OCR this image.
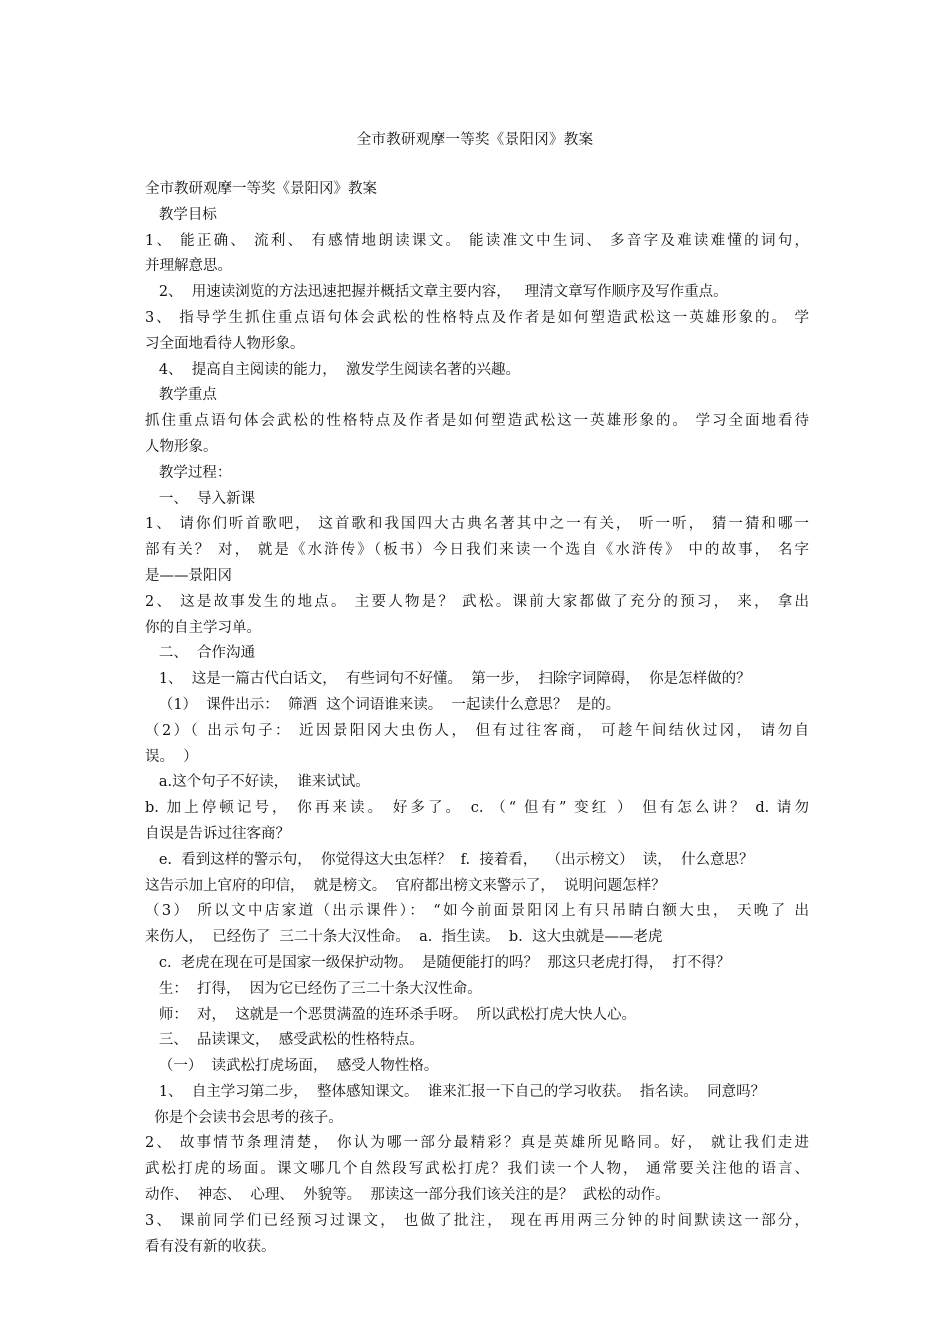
全市教研观摩一等奖《景阳冈》教案
全市教研观摩一等奖《景阳冈》教案
教学目标
1、 能正确、 流利、 有感情地朗读课文。 能读准文中生词、 多音字及难读难懂的词句，
并理解意思。
2、  用速读浏览的方法迅速把握并概括文章主要内容，   理清文章写作顺序及写作重点。
3、 指导学生抓住重点语句体会武松的性格特点及作者是如何塑造武松这一英雄形象的。 学
习全面地看待人物形象。
4、  提高自主阅读的能力，  激发学生阅读名著的兴趣。
教学重点
抓住重点语句体会武松的性格特点及作者是如何塑造武松这一英雄形象的。 学习全面地看待
人物形象。
教学过程：
一、  导入新课
1、 请你们听首歌吧， 这首歌和我国四大古典名著其中之一有关， 听一听， 猜一猜和哪一
部有关？ 对， 就是《水浒传》（板书）今日我们来读一个选自《水浒传》 中的故事， 名字
是——景阳冈
2、 这是故事发生的地点。 主要人物是？ 武松。课前大家都做了充分的预习， 来， 拿出
你的自主学习单。
二、  合作沟通
1、  这是一篇古代白话文，  有些词句不好懂。  第一步，  扫除字词障碍，  你是怎样做的？
（1）  课件出示：  筛酒  这个词语谁来读。  一起读什么意思？  是的。
（2）（ 出示句子： 近因景阳冈大虫伤人， 但有过往客商， 可趁午间结伙过冈， 请勿自
误。  ）
a.这个句子不好读，  谁来试试。
b. 加上停顿记号， 你再来读。 好多了。 c. （“ 但有” 变红 ） 但有怎么讲？ d. 请勿
自误是告诉过往客商？
e.  看到这样的警示句，  你觉得这大虫怎样？  f.  接着看，  （出示榜文）  读，  什么意思？
这告示加上官府的印信，  就是榜文。  官府都出榜文来警示了，  说明问题怎样？
（3） 所以文中店家道（出示课件）： “如今前面景阳冈上有只吊睛白额大虫， 天晚了 出
来伤人，  已经伤了  三二十条大汉性命。  a.  指生读。  b.  这大虫就是——老虎
c.  老虎在现在可是国家一级保护动物。  是随便能打的吗？  那这只老虎打得，  打不得？
生：  打得，  因为它已经伤了三二十条大汉性命。
师：  对，  这就是一个恶贯满盈的连环杀手呀。  所以武松打虎大快人心。
三、  品读课文，  感受武松的性格特点。
（一）  读武松打虎场面，  感受人物性格。
1、  自主学习第二步，  整体感知课文。  谁来汇报一下自己的学习收获。  指名读。  同意吗？
你是个会读书会思考的孩子。
2、 故事情节条理清楚， 你认为哪一部分最精彩？真是英雄所见略同。好， 就让我们走进
武松打虎的场面。课文哪几个自然段写武松打虎？我们读一个人物， 通常要关注他的语言、
动作、  神态、  心理、  外貌等。  那读这一部分我们该关注的是？  武松的动作。
3、 课前同学们已经预习过课文， 也做了批注， 现在再用两三分钟的时间默读这一部分，
看有没有新的收获。
